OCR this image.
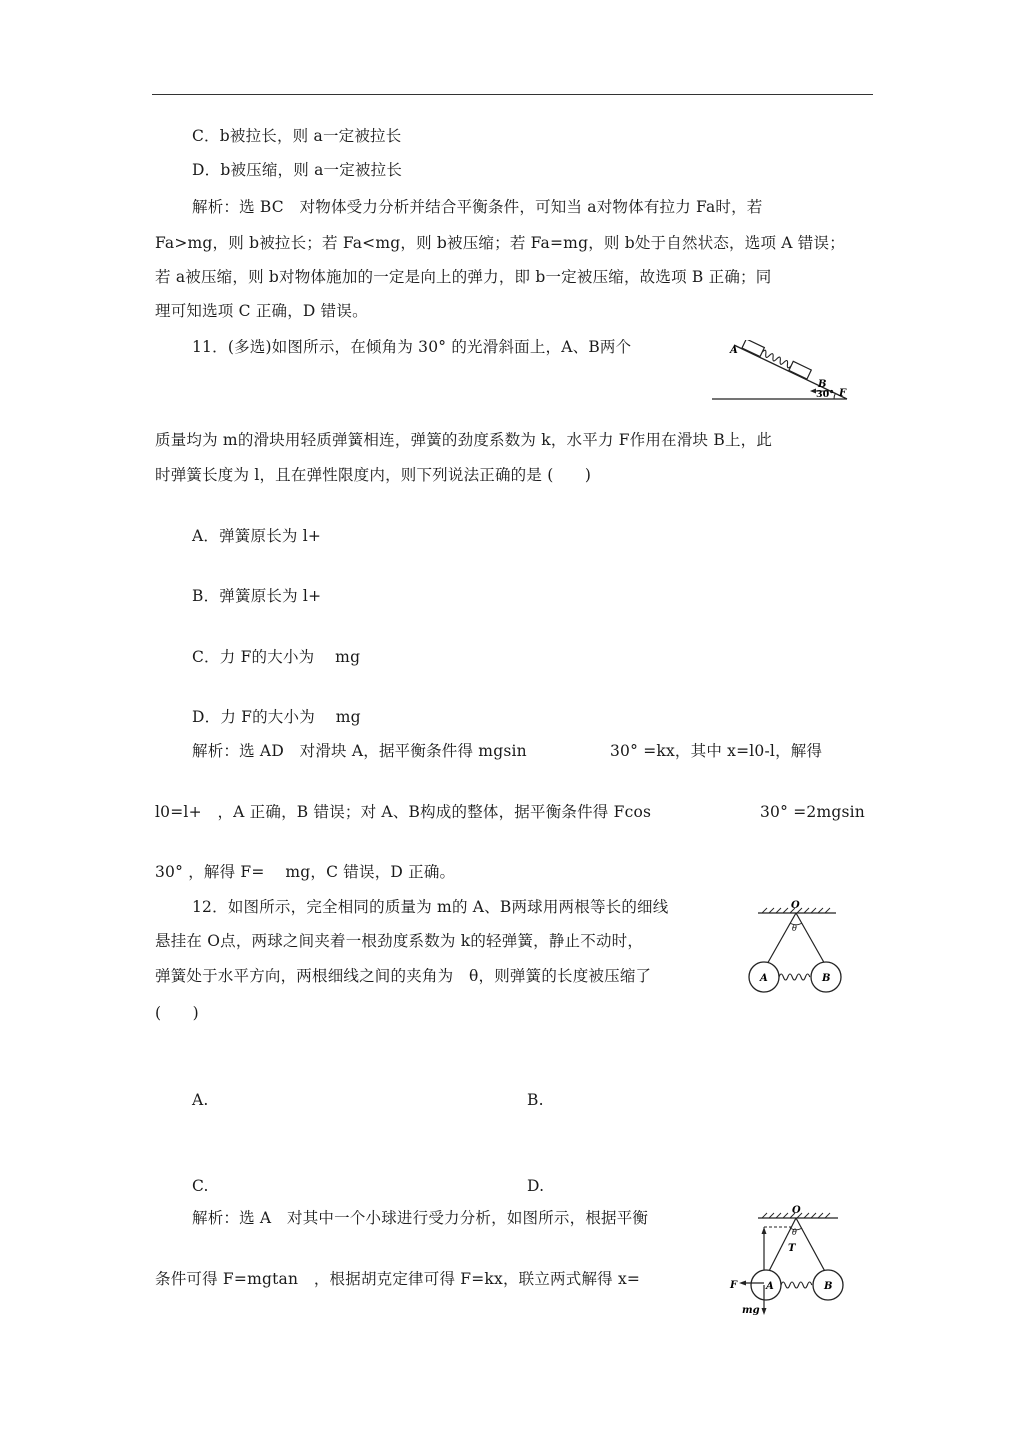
C．b被拉长，则 a一定被拉长
D．b被压缩，则 a一定被拉长
解析：选 BC　对物体受力分析并结合平衡条件，可知当 a对物体有拉力 Fa时，若
Fa>mg，则 b被拉长；若 Fa<mg，则 b被压缩；若 Fa=mg，则 b处于自然状态，选项 A 错误；
若 a被压缩，则 b对物体施加的一定是向上的弹力，即 b一定被压缩，故选项 B 正确；同
理可知选项 C 正确，D 错误。
11．(多选)如图所示，在倾角为 30° 的光滑斜面上，A、B两个	A
B
F
30°
质量均为 m的滑块用轻质弹簧相连，弹簧的劲度系数为 k，水平力 F作用在滑块 B上，此
时弹簧长度为 l，且在弹性限度内，则下列说法正确的是 (　　)
A．弹簧原长为 l+
B．弹簧原长为 l+
C．力 F的大小为　 mg
D．力 F的大小为　 mg
解析：选 AD　对滑块 A，据平衡条件得 mgsin	30° =kx，其中 x=l0-l，解得
l0=l+　，A 正确，B 错误；对 A、B构成的整体，据平衡条件得 Fcos	30° =2mgsin
30° ，解得 F=　 mg，C 错误，D 正确。
12．如图所示，完全相同的质量为 m的 A、B两球用两根等长的细线
悬挂在 O点，两球之间夹着一根劲度系数为 k的轻弹簧，静止不动时，
弹簧处于水平方向，两根细线之间的夹角为　θ，则弹簧的长度被压缩了
(　　)
O
θ
A	B
A.	B.
C.	D.
解析：选 A　对其中一个小球进行受力分析，如图所示，根据平衡
条件可得 F=mgtan　，根据胡克定律可得 F=kx，联立两式解得 x=
O
θ
T
F	A	B
mg
